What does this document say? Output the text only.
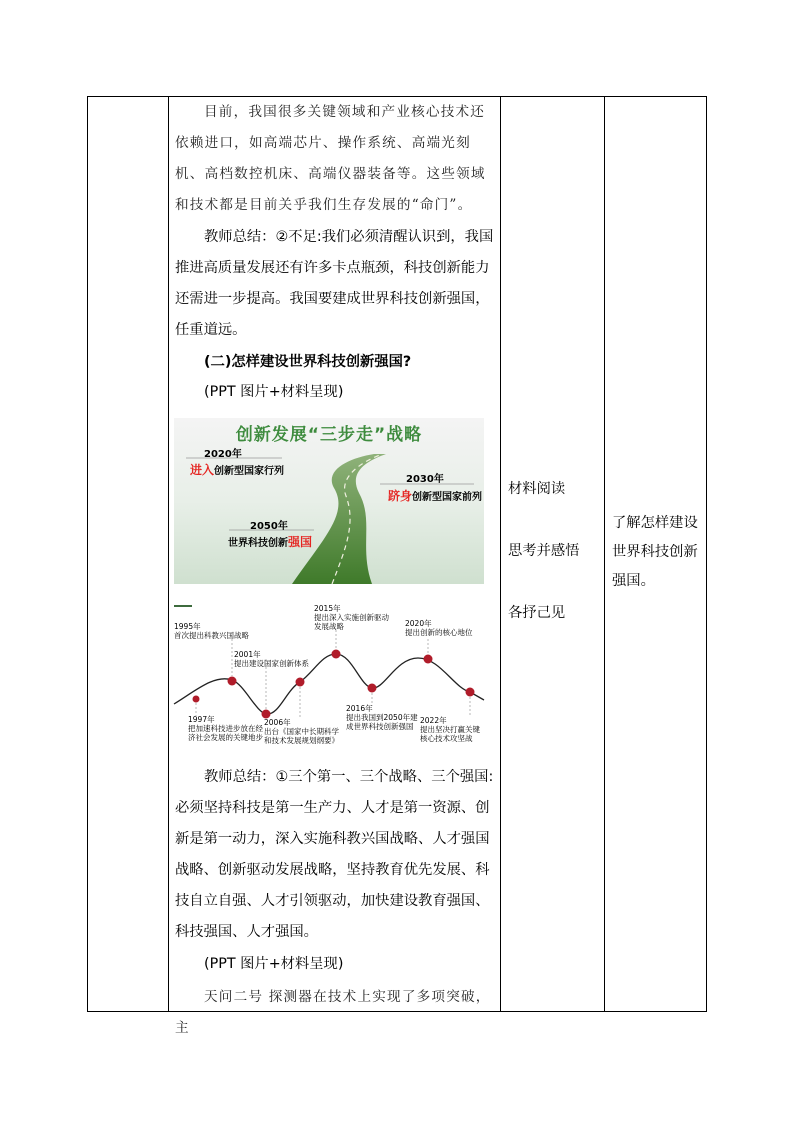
目前，我国很多关键领域和产业核心技术还依赖进口，如高端芯片、操作系统、高端光刻机、高档数控机床、高端仪器装备等。这些领域和技术都是目前关乎我们生存发展的“命门”。

教师总结：②不足:我们必须清醒认识到，我国推进高质量发展还有许多卡点瓶颈，科技创新能力还需进一步提高。我国要建成世界科技创新强国，任重道远。

(二)怎样建设世界科技创新强国?

(PPT 图片+材料呈现)

创新发展“三步走”战略
2020年
进入创新型国家行列
2030年
跻身创新型国家前列
2050年
世界科技创新强国
1995年
首次提出科教兴国战略
1997年
把加速科技进步放在经
济社会发展的关键地步
2001年
提出建设国家创新体系
2006年
出台《国家中长期科学
和技术发展规划纲要》
2015年
提出深入实施创新驱动
发展战略
2016年
提出我国到2050年建
成世界科技创新强国
2020年
提出创新的核心地位
2022年
提出坚决打赢关键
核心技术攻坚战

教师总结：①三个第一、三个战略、三个强国:必须坚持科技是第一生产力、人才是第一资源、创新是第一动力，深入实施科教兴国战略、人才强国战略、创新驱动发展战略，坚持教育优先发展、科技自立自强、人才引领驱动，加快建设教育强国、科技强国、人才强国。

(PPT 图片+材料呈现)

天问二号 探测器在技术上实现了多项突破，主

材料阅读
思考并感悟
各抒己见
了解怎样建设世界科技创新强国。
